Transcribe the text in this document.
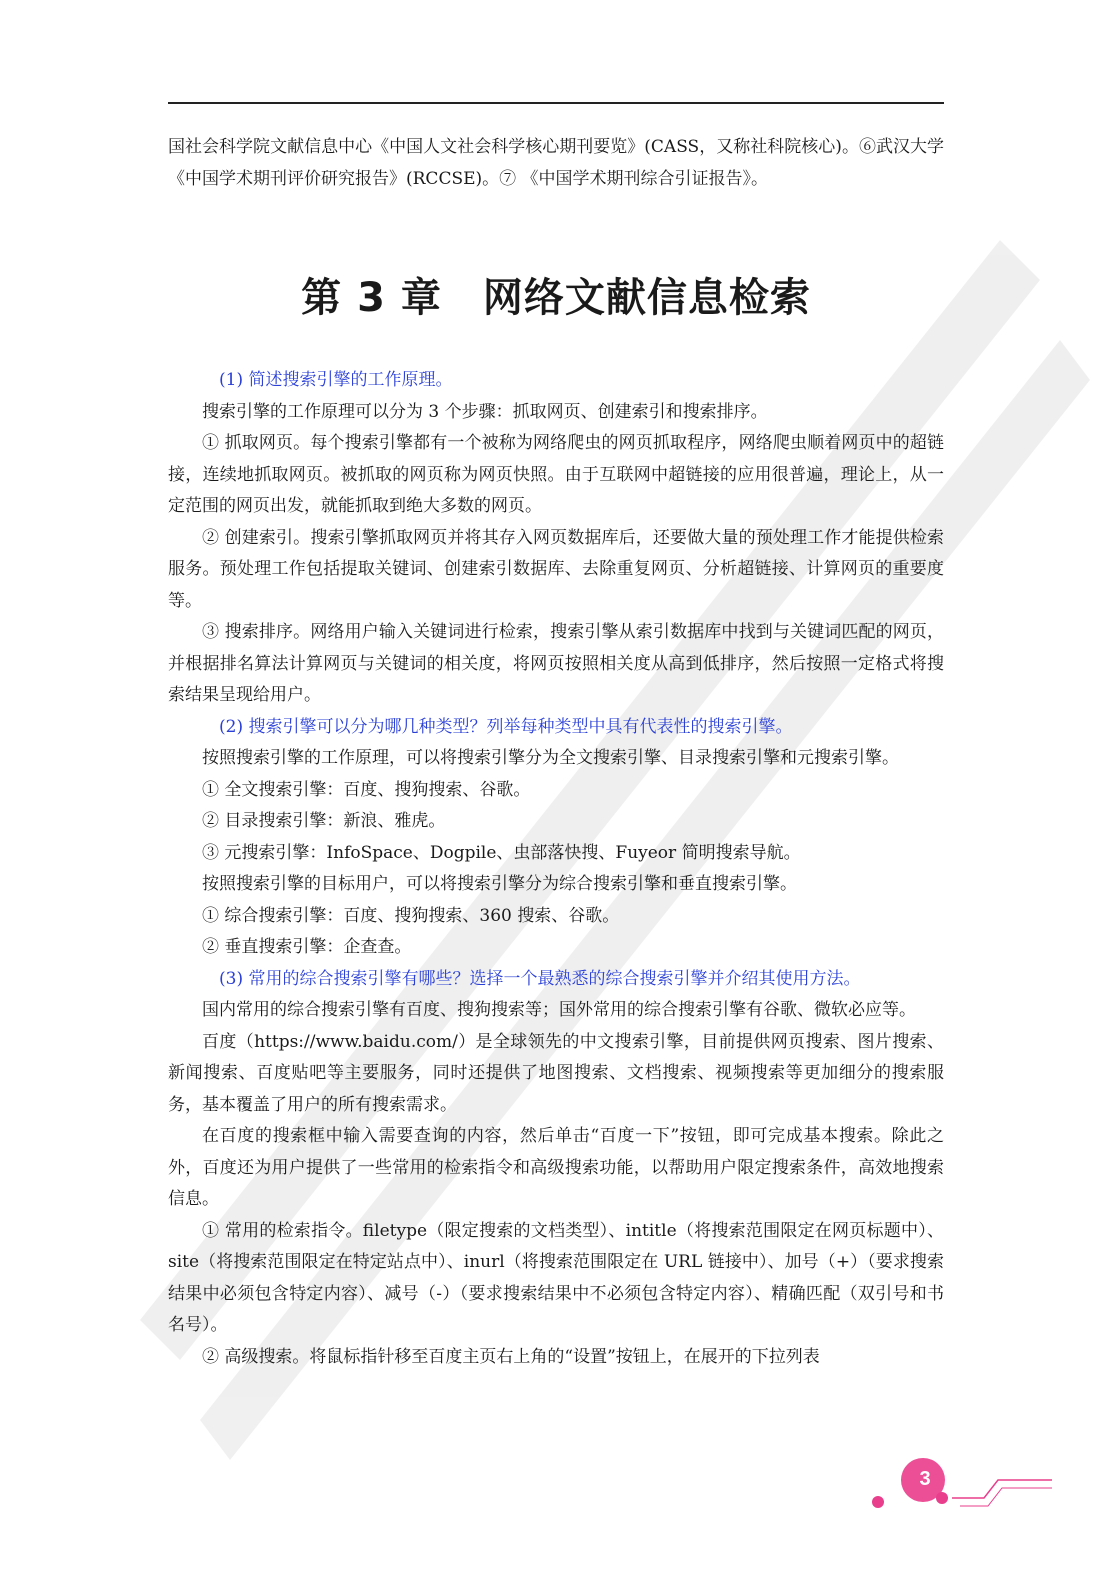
国社会科学院文献信息中心《中国人文社会科学核心期刊要览》(CASS，又称社科院核心)。⑥武汉大学《中国学术期刊评价研究报告》(RCCSE)。⑦ 《中国学术期刊综合引证报告》。

第 3 章　网络文献信息检索

(1) 简述搜索引擎的工作原理。

搜索引擎的工作原理可以分为 3 个步骤：抓取网页、创建索引和搜索排序。

① 抓取网页。每个搜索引擎都有一个被称为网络爬虫的网页抓取程序，网络爬虫顺着网页中的超链接，连续地抓取网页。被抓取的网页称为网页快照。由于互联网中超链接的应用很普遍，理论上，从一定范围的网页出发，就能抓取到绝大多数的网页。

② 创建索引。搜索引擎抓取网页并将其存入网页数据库后，还要做大量的预处理工作才能提供检索服务。预处理工作包括提取关键词、创建索引数据库、去除重复网页、分析超链接、计算网页的重要度等。

③ 搜索排序。网络用户输入关键词进行检索，搜索引擎从索引数据库中找到与关键词匹配的网页，并根据排名算法计算网页与关键词的相关度，将网页按照相关度从高到低排序，然后按照一定格式将搜索结果呈现给用户。

(2) 搜索引擎可以分为哪几种类型？列举每种类型中具有代表性的搜索引擎。

按照搜索引擎的工作原理，可以将搜索引擎分为全文搜索引擎、目录搜索引擎和元搜索引擎。

① 全文搜索引擎：百度、搜狗搜索、谷歌。

② 目录搜索引擎：新浪、雅虎。

③ 元搜索引擎：InfoSpace、Dogpile、虫部落快搜、Fuyeor 简明搜索导航。

按照搜索引擎的目标用户，可以将搜索引擎分为综合搜索引擎和垂直搜索引擎。

① 综合搜索引擎：百度、搜狗搜索、360 搜索、谷歌。

② 垂直搜索引擎：企查查。

(3) 常用的综合搜索引擎有哪些？选择一个最熟悉的综合搜索引擎并介绍其使用方法。

国内常用的综合搜索引擎有百度、搜狗搜索等；国外常用的综合搜索引擎有谷歌、微软必应等。

百度（https://www.baidu.com/）是全球领先的中文搜索引擎，目前提供网页搜索、图片搜索、新闻搜索、百度贴吧等主要服务，同时还提供了地图搜索、文档搜索、视频搜索等更加细分的搜索服务，基本覆盖了用户的所有搜索需求。

在百度的搜索框中输入需要查询的内容，然后单击“百度一下”按钮，即可完成基本搜索。除此之外，百度还为用户提供了一些常用的检索指令和高级搜索功能，以帮助用户限定搜索条件，高效地搜索信息。

① 常用的检索指令。filetype（限定搜索的文档类型）、intitle（将搜索范围限定在网页标题中）、site（将搜索范围限定在特定站点中）、inurl（将搜索范围限定在 URL 链接中）、加号（+）（要求搜索结果中必须包含特定内容）、减号（-）（要求搜索结果中不必须包含特定内容）、精确匹配（双引号和书名号）。

② 高级搜索。将鼠标指针移至百度主页右上角的“设置”按钮上，在展开的下拉列表

3
